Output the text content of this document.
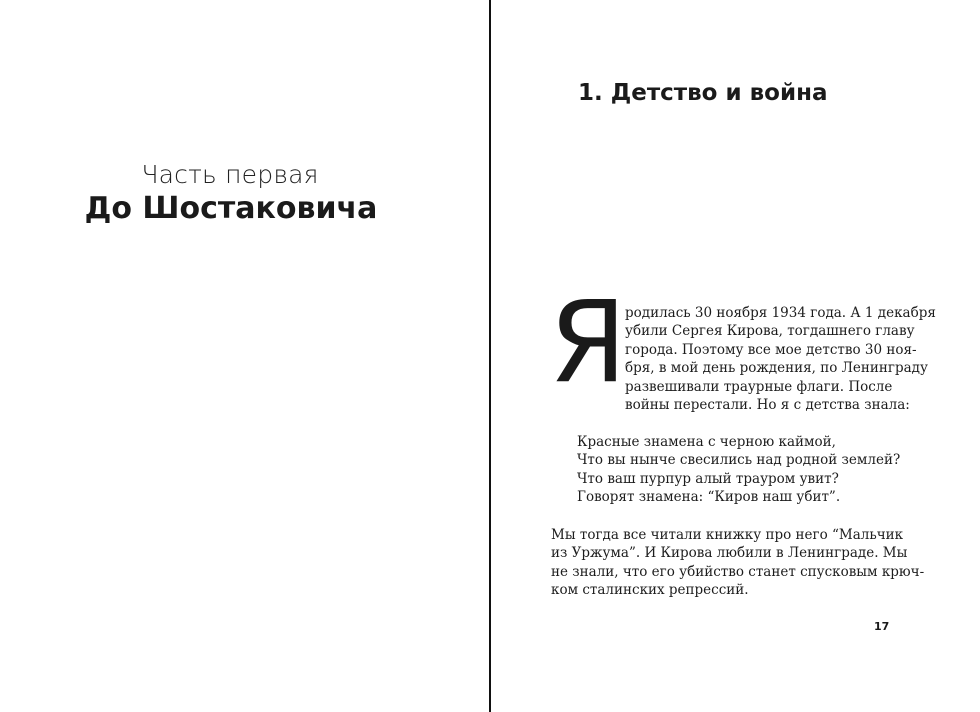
Часть первая
До Шостаковича
1. Детство и война
Я
родилась 30 ноября 1934 года. А 1 декабря
убили Сергея Кирова, тогдашнего главу
города. Поэтому все мое детство 30 ноя-
бря, в мой день рождения, по Ленинграду
развешивали траурные флаги. После
войны перестали. Но я с детства знала:
Красные знамена с черною каймой,
Что вы нынче свесились над родной землей?
Что ваш пурпур алый трауром увит?
Говорят знамена: “Киров наш убит”.
Мы тогда все читали книжку про него “Мальчик
из Уржума”. И Кирова любили в Ленинграде. Мы
не знали, что его убийство станет спусковым крюч-
ком сталинских репрессий.
17
